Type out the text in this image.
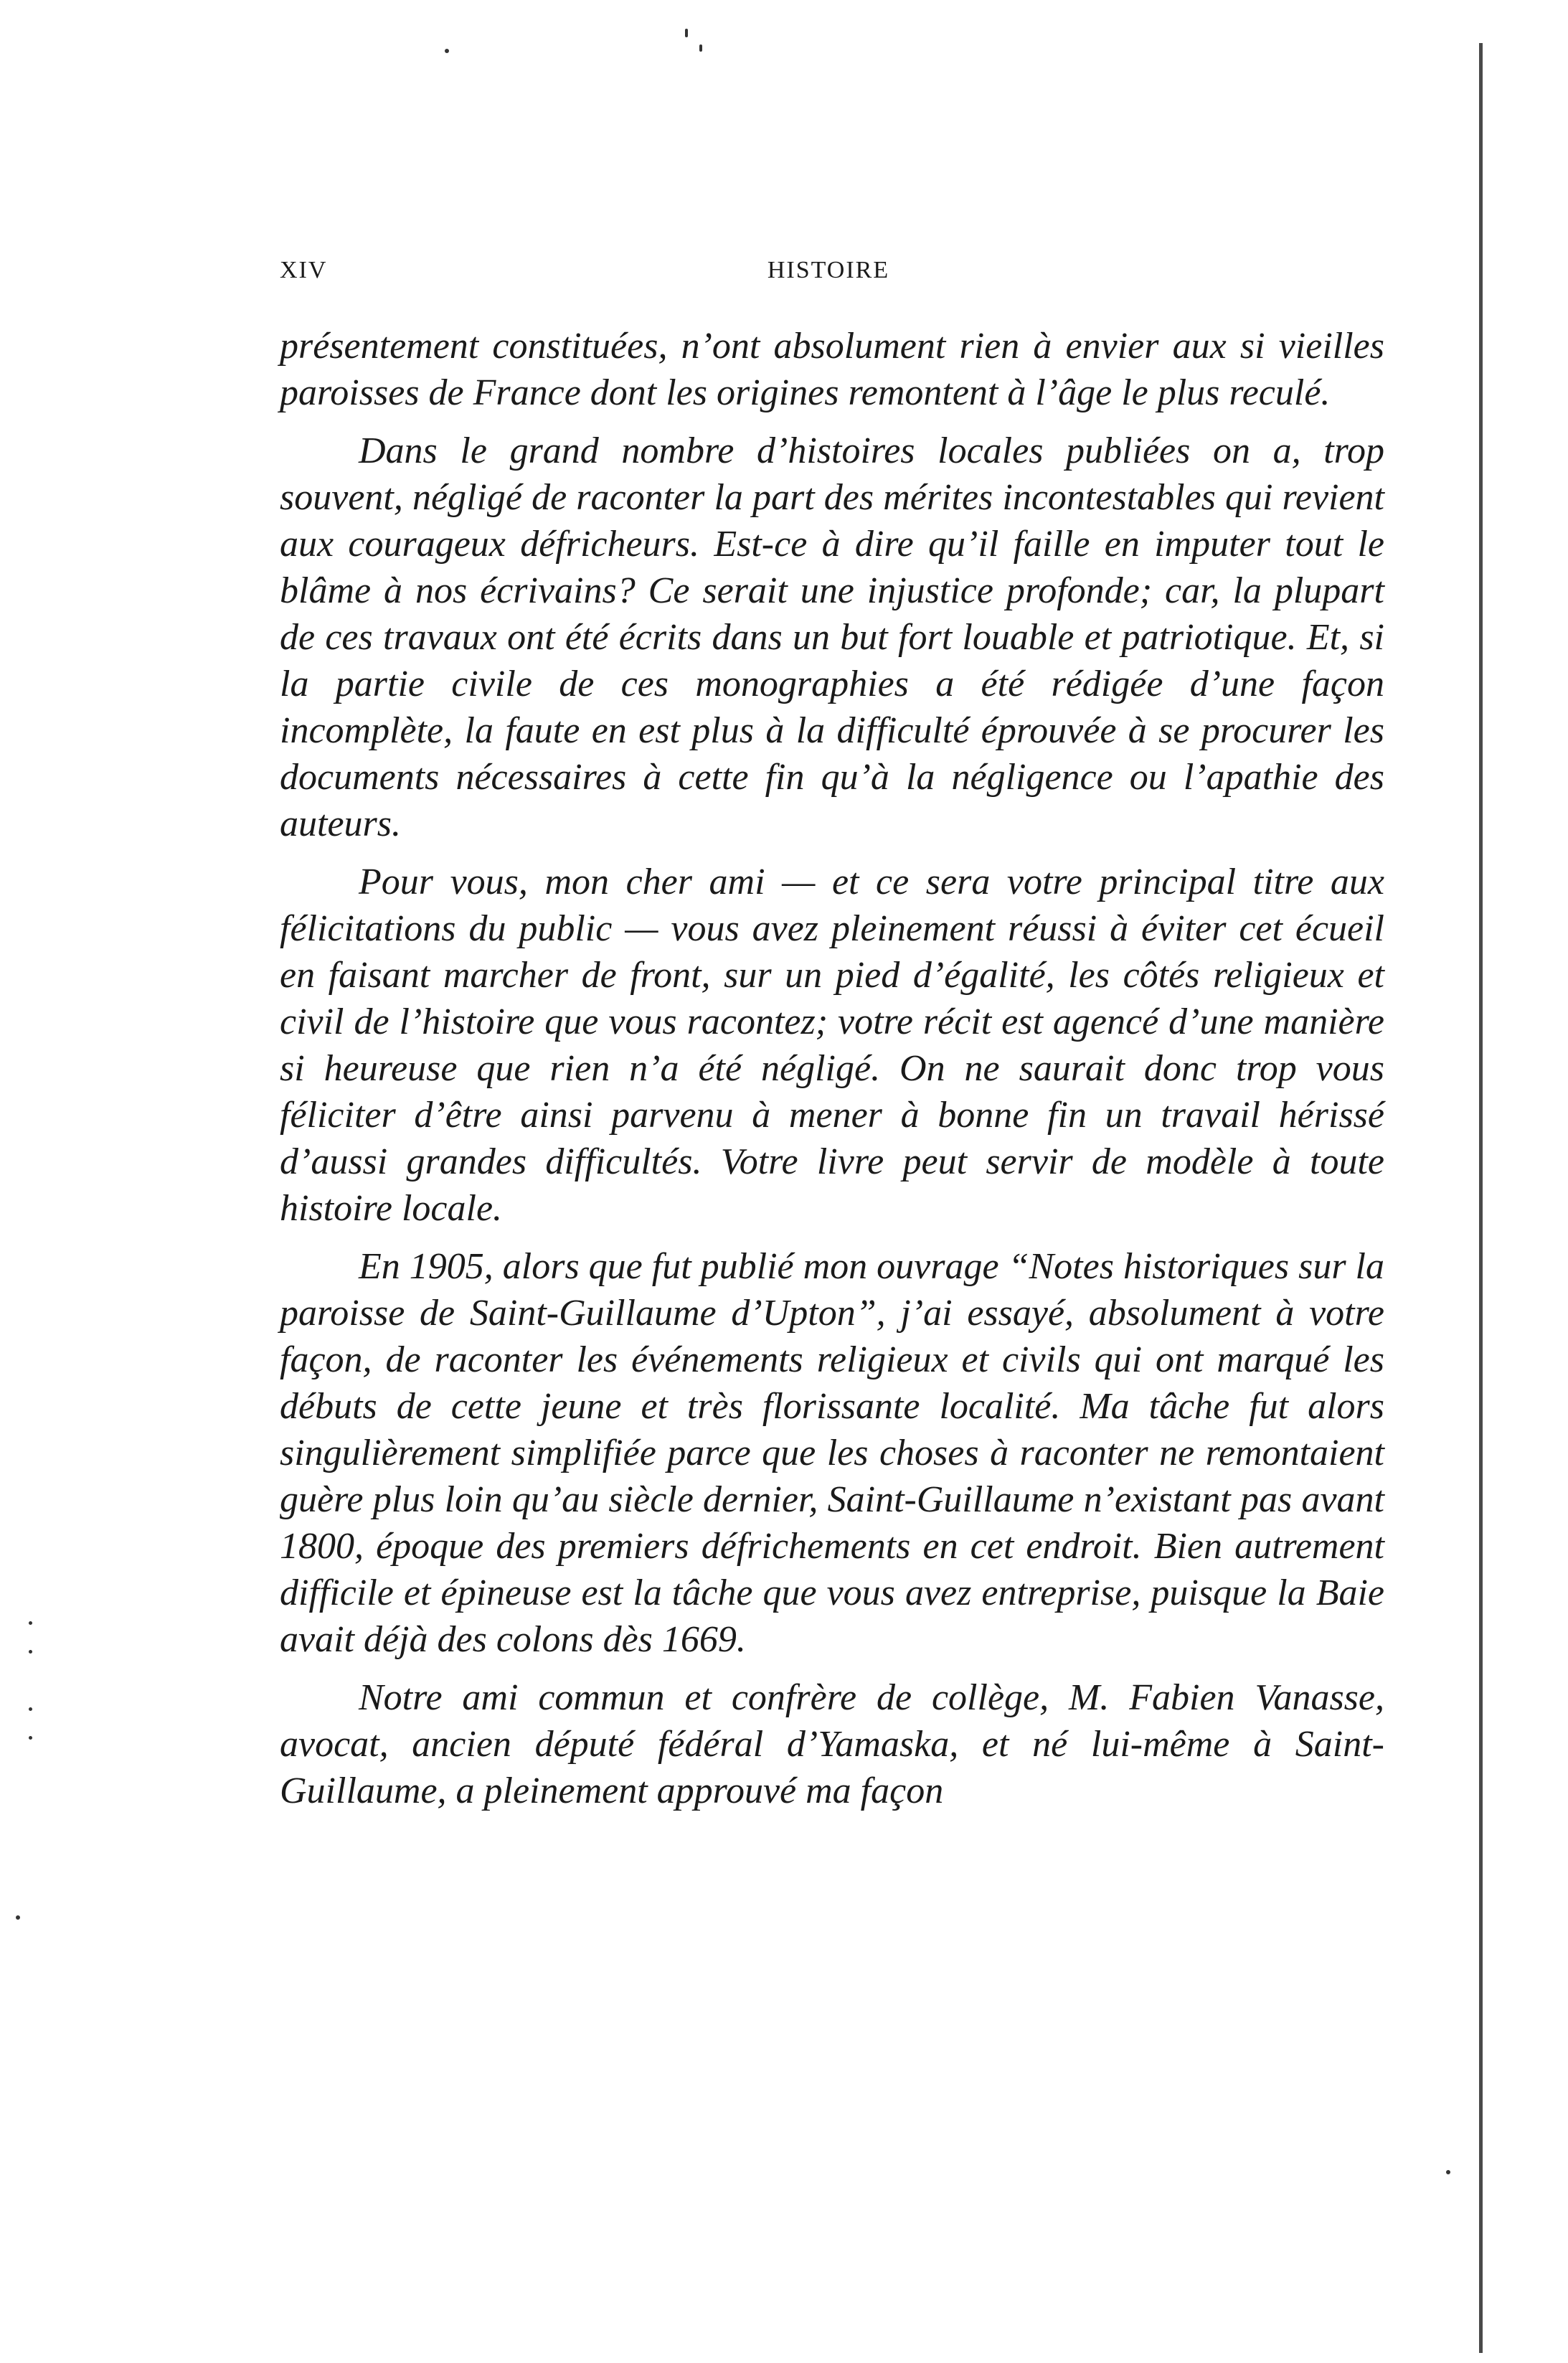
XIV	HISTOIRE

présentement constituées, n’ont absolument rien à envier aux si vieilles paroisses de France dont les origines remontent à l’âge le plus reculé.

Dans le grand nombre d’histoires locales publiées on a, trop souvent, négligé de raconter la part des mérites incontestables qui revient aux courageux défricheurs. Est-ce à dire qu’il faille en imputer tout le blâme à nos écrivains? Ce serait une injustice profonde; car, la plupart de ces travaux ont été écrits dans un but fort louable et patriotique. Et, si la partie civile de ces monographies a été rédigée d’une façon incomplète, la faute en est plus à la difficulté éprouvée à se procurer les documents nécessaires à cette fin qu’à la négligence ou l’apathie des auteurs.

Pour vous, mon cher ami — et ce sera votre principal titre aux félicitations du public — vous avez pleinement réussi à éviter cet écueil en faisant marcher de front, sur un pied d’égalité, les côtés religieux et civil de l’histoire que vous racontez; votre récit est agencé d’une manière si heureuse que rien n’a été négligé. On ne saurait donc trop vous féliciter d’être ainsi parvenu à mener à bonne fin un travail hérissé d’aussi grandes difficultés. Votre livre peut servir de modèle à toute histoire locale.

En 1905, alors que fut publié mon ouvrage “Notes historiques sur la paroisse de Saint-Guillaume d’Upton”, j’ai essayé, absolument à votre façon, de raconter les événements religieux et civils qui ont marqué les débuts de cette jeune et très florissante localité. Ma tâche fut alors singulièrement simplifiée parce que les choses à raconter ne remontaient guère plus loin qu’au siècle dernier, Saint-Guillaume n’existant pas avant 1800, époque des premiers défrichements en cet endroit. Bien autrement difficile et épineuse est la tâche que vous avez entreprise, puisque la Baie avait déjà des colons dès 1669.

Notre ami commun et confrère de collège, M. Fabien Vanasse, avocat, ancien député fédéral d’Yamaska, et né lui-même à Saint-Guillaume, a pleinement approuvé ma façon
